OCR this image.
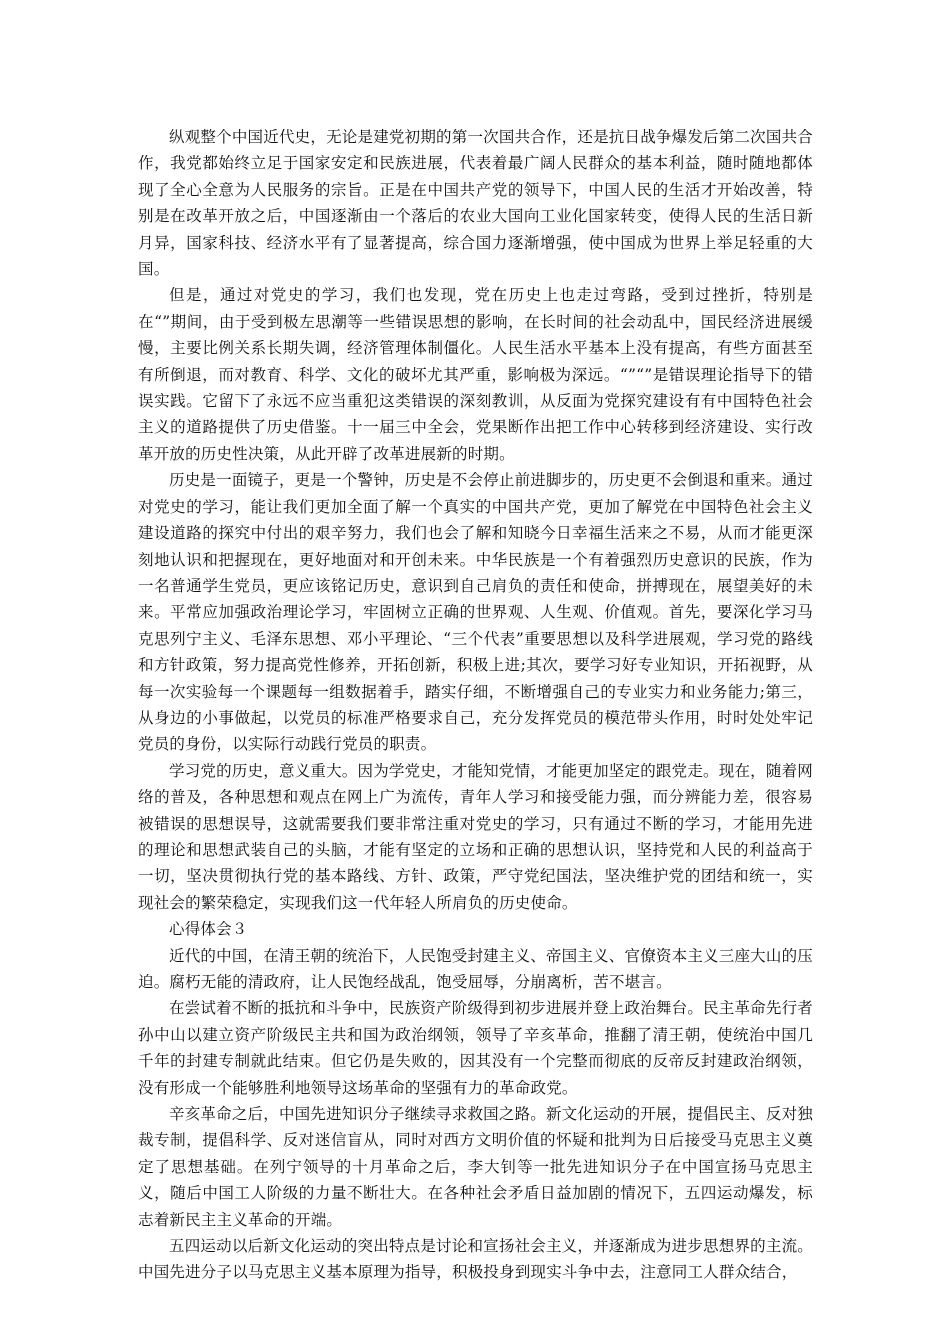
纵观整个中国近代史，无论是建党初期的第一次国共合作，还是抗日战争爆发后第二次国共合作，我党都始终立足于国家安定和民族进展，代表着最广阔人民群众的基本利益，随时随地都体现了全心全意为人民服务的宗旨。正是在中国共产党的领导下，中国人民的生活才开始改善，特别是在改革开放之后，中国逐渐由一个落后的农业大国向工业化国家转变，使得人民的生活日新月异，国家科技、经济水平有了显著提高，综合国力逐渐增强，使中国成为世界上举足轻重的大国。

但是，通过对党史的学习，我们也发现，党在历史上也走过弯路，受到过挫折，特别是在“”期间，由于受到极左思潮等一些错误思想的影响，在长时间的社会动乱中，国民经济进展缓慢，主要比例关系长期失调，经济管理体制僵化。人民生活水平基本上没有提高，有些方面甚至有所倒退，而对教育、科学、文化的破坏尤其严重，影响极为深远。“”“”是错误理论指导下的错误实践。它留下了永远不应当重犯这类错误的深刻教训，从反面为党探究建设有有中国特色社会主义的道路提供了历史借鉴。十一届三中全会，党果断作出把工作中心转移到经济建设、实行改革开放的历史性决策，从此开辟了改革进展新的时期。

历史是一面镜子，更是一个警钟，历史是不会停止前进脚步的，历史更不会倒退和重来。通过对党史的学习，能让我们更加全面了解一个真实的中国共产党，更加了解党在中国特色社会主义建设道路的探究中付出的艰辛努力，我们也会了解和知晓今日幸福生活来之不易，从而才能更深刻地认识和把握现在，更好地面对和开创未来。中华民族是一个有着强烈历史意识的民族，作为一名普通学生党员，更应该铭记历史，意识到自己肩负的责任和使命，拼搏现在，展望美好的未来。平常应加强政治理论学习，牢固树立正确的世界观、人生观、价值观。首先，要深化学习马克思列宁主义、毛泽东思想、邓小平理论、“三个代表”重要思想以及科学进展观，学习党的路线和方针政策，努力提高党性修养，开拓创新，积极上进;其次，要学习好专业知识，开拓视野，从每一次实验每一个课题每一组数据着手，踏实仔细，不断增强自己的专业实力和业务能力;第三，从身边的小事做起，以党员的标准严格要求自己，充分发挥党员的模范带头作用，时时处处牢记党员的身份，以实际行动践行党员的职责。

学习党的历史，意义重大。因为学党史，才能知党情，才能更加坚定的跟党走。现在，随着网络的普及，各种思想和观点在网上广为流传，青年人学习和接受能力强，而分辨能力差，很容易被错误的思想误导，这就需要我们要非常注重对党史的学习，只有通过不断的学习，才能用先进的理论和思想武装自己的头脑，才能有坚定的立场和正确的思想认识，坚持党和人民的利益高于一切，坚决贯彻执行党的基本路线、方针、政策，严守党纪国法，坚决维护党的团结和统一，实现社会的繁荣稳定，实现我们这一代年轻人所肩负的历史使命。

心得体会３

近代的中国，在清王朝的统治下，人民饱受封建主义、帝国主义、官僚资本主义三座大山的压迫。腐朽无能的清政府，让人民饱经战乱，饱受屈辱，分崩离析，苦不堪言。

在尝试着不断的抵抗和斗争中，民族资产阶级得到初步进展并登上政治舞台。民主革命先行者孙中山以建立资产阶级民主共和国为政治纲领，领导了辛亥革命，推翻了清王朝，使统治中国几千年的封建专制就此结束。但它仍是失败的，因其没有一个完整而彻底的反帝反封建政治纲领，没有形成一个能够胜利地领导这场革命的坚强有力的革命政党。

辛亥革命之后，中国先进知识分子继续寻求救国之路。新文化运动的开展，提倡民主、反对独裁专制，提倡科学、反对迷信盲从，同时对西方文明价值的怀疑和批判为日后接受马克思主义奠定了思想基础。在列宁领导的十月革命之后，李大钊等一批先进知识分子在中国宣扬马克思主义，随后中国工人阶级的力量不断壮大。在各种社会矛盾日益加剧的情况下，五四运动爆发，标志着新民主主义革命的开端。

五四运动以后新文化运动的突出特点是讨论和宣扬社会主义，并逐渐成为进步思想界的主流。中国先进分子以马克思主义基本原理为指导，积极投身到现实斗争中去，注意同工人群众结合，
